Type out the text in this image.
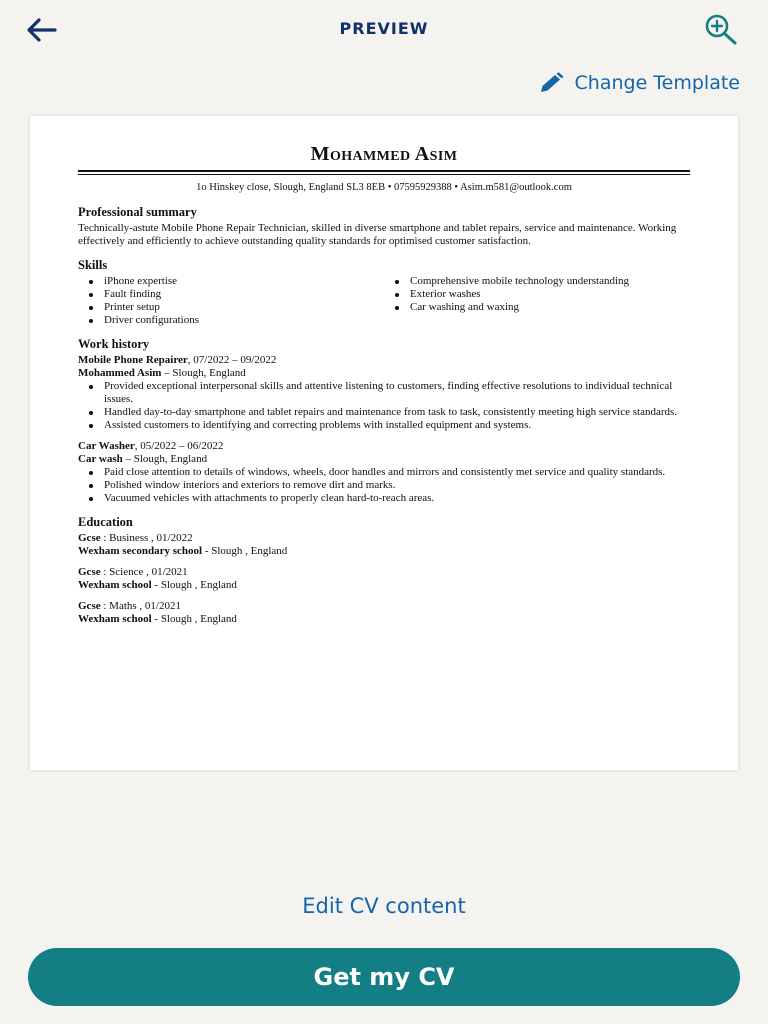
PREVIEW
Change Template
Mohammed Asim
1o Hinskey close, Slough, England SL3 8EB • 07595929388 • Asim.m581@outlook.com
Professional summary
Technically-astute Mobile Phone Repair Technician, skilled in diverse smartphone and tablet repairs, service and maintenance. Working effectively and efficiently to achieve outstanding quality standards for optimised customer satisfaction.
Skills
iPhone expertise
Fault finding
Printer setup
Driver configurations
Comprehensive mobile technology understanding
Exterior washes
Car washing and waxing
Work history
Mobile Phone Repairer, 07/2022 – 09/2022
Mohammed Asim – Slough, England
Provided exceptional interpersonal skills and attentive listening to customers, finding effective resolutions to individual technical issues.
Handled day-to-day smartphone and tablet repairs and maintenance from task to task, consistently meeting high service standards.
Assisted customers to identifying and correcting problems with installed equipment and systems.
Car Washer, 05/2022 – 06/2022
Car wash – Slough, England
Paid close attention to details of windows, wheels, door handles and mirrors and consistently met service and quality standards.
Polished window interiors and exteriors to remove dirt and marks.
Vacuumed vehicles with attachments to properly clean hard-to-reach areas.
Education
Gcse : Business , 01/2022
Wexham secondary school - Slough , England
Gcse : Science , 01/2021
Wexham school - Slough , England
Gcse : Maths , 01/2021
Wexham school - Slough , England
Edit CV content
Get my CV
